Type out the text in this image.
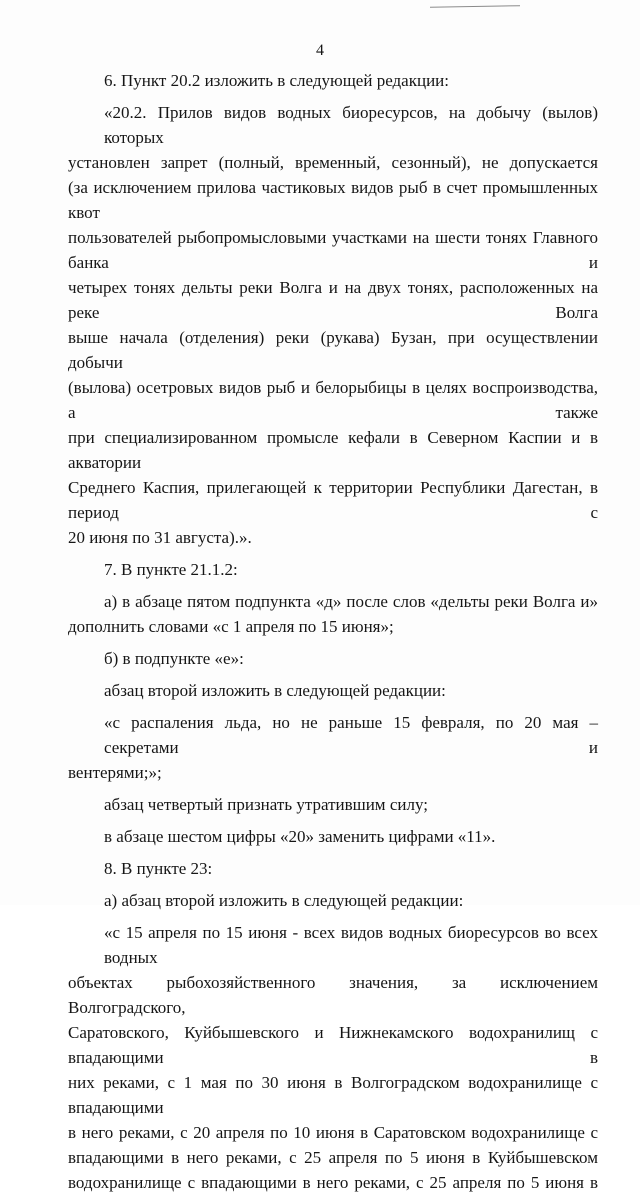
4
6. Пункт 20.2 изложить в следующей редакции:
«20.2. Прилов видов водных биоресурсов, на добычу (вылов) которых
установлен запрет (полный, временный, сезонный), не допускается
(за исключением прилова частиковых видов рыб в счет промышленных квот
пользователей рыбопромысловыми участками на шести тонях Главного банка и
четырех тонях дельты реки Волга и на двух тонях, расположенных на реке Волга
выше начала (отделения) реки (рукава) Бузан, при осуществлении добычи
(вылова) осетровых видов рыб и белорыбицы в целях воспроизводства, а также
при специализированном промысле кефали в Северном Каспии и в акватории
Среднего Каспия, прилегающей к территории Республики Дагестан, в период с
20 июня по 31 августа).».
7. В пункте 21.1.2:
а) в абзаце пятом подпункта «д» после слов «дельты реки Волга и»
дополнить словами «с 1 апреля по 15 июня»;
б) в подпункте «е»:
абзац второй изложить в следующей редакции:
«с распаления льда, но не раньше 15 февраля, по 20 мая – секретами и
вентерями;»;
абзац четвертый признать утратившим силу;
в абзаце шестом цифры «20» заменить цифрами «11».
8. В пункте 23:
а) абзац второй изложить в следующей редакции:
«с 15 апреля по 15 июня - всех видов водных биоресурсов во всех водных
объектах рыбохозяйственного значения, за исключением Волгоградского,
Саратовского, Куйбышевского и Нижнекамского водохранилищ с впадающими в
них реками, с 1 мая по 30 июня в Волгоградском водохранилище с впадающими
в него реками, с 20 апреля по 10 июня в Саратовском водохранилище с
впадающими в него реками, с 25 апреля по 5 июня в Куйбышевском
водохранилище с впадающими в него реками, с 25 апреля по 5 июня в
